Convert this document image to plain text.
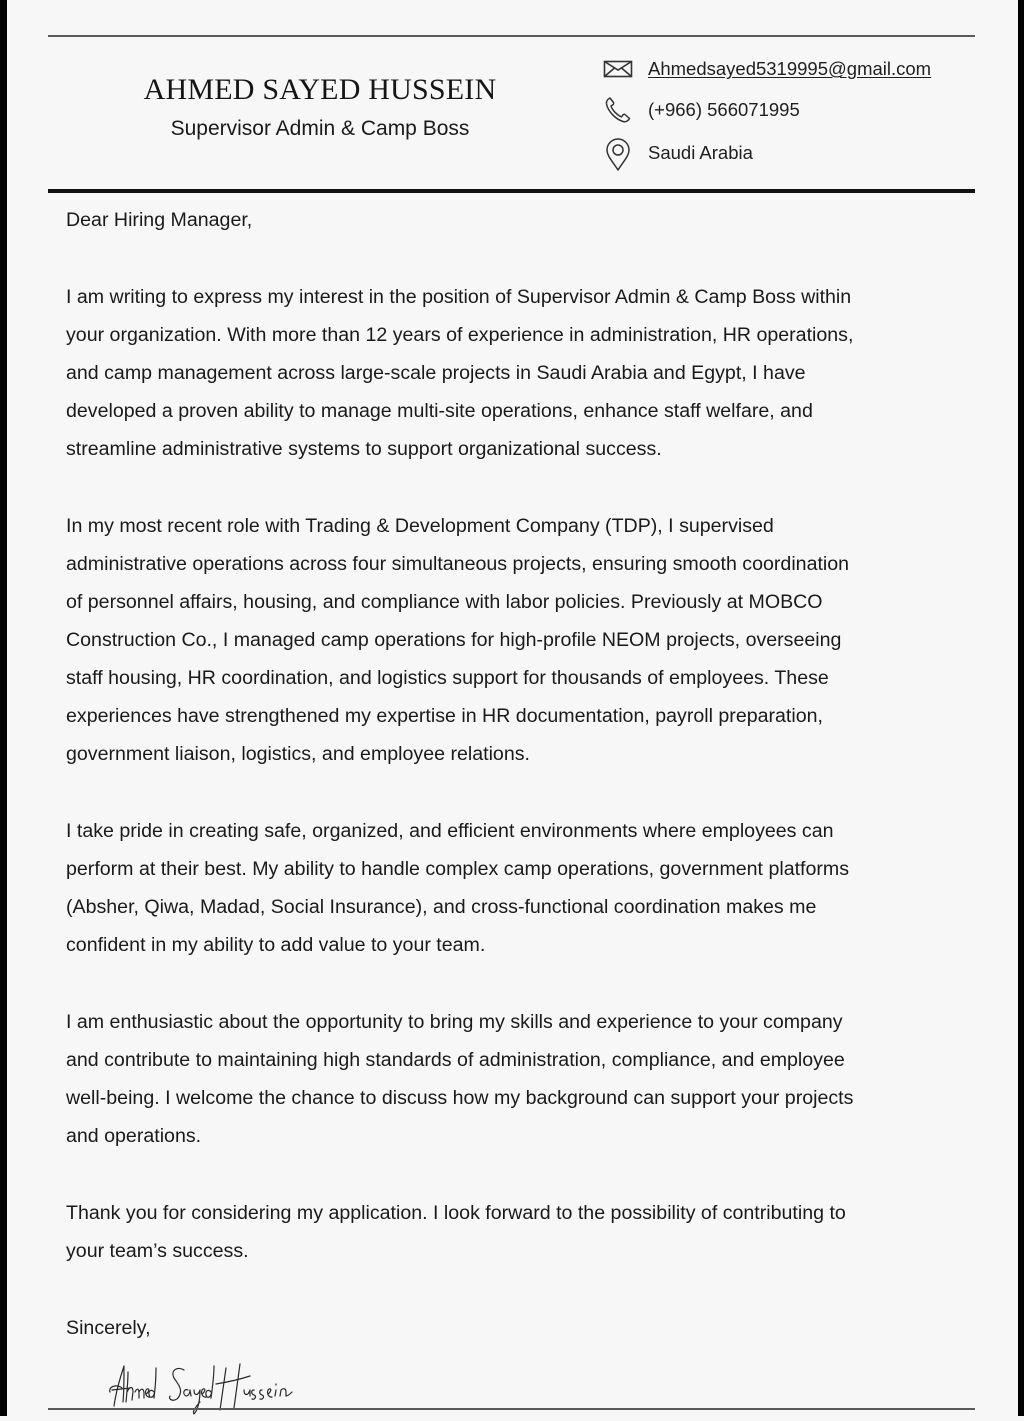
AHMED SAYED HUSSEIN
Supervisor Admin & Camp Boss
Ahmedsayed5319995@gmail.com
(+966) 566071995
Saudi Arabia
Dear Hiring Manager,
I am writing to express my interest in the position of Supervisor Admin & Camp Boss within
your organization. With more than 12 years of experience in administration, HR operations,
and camp management across large-scale projects in Saudi Arabia and Egypt, I have
developed a proven ability to manage multi-site operations, enhance staff welfare, and
streamline administrative systems to support organizational success.
In my most recent role with Trading & Development Company (TDP), I supervised
administrative operations across four simultaneous projects, ensuring smooth coordination
of personnel affairs, housing, and compliance with labor policies. Previously at MOBCO
Construction Co., I managed camp operations for high-profile NEOM projects, overseeing
staff housing, HR coordination, and logistics support for thousands of employees. These
experiences have strengthened my expertise in HR documentation, payroll preparation,
government liaison, logistics, and employee relations.
I take pride in creating safe, organized, and efficient environments where employees can
perform at their best. My ability to handle complex camp operations, government platforms
(Absher, Qiwa, Madad, Social Insurance), and cross-functional coordination makes me
confident in my ability to add value to your team.
I am enthusiastic about the opportunity to bring my skills and experience to your company
and contribute to maintaining high standards of administration, compliance, and employee
well-being. I welcome the chance to discuss how my background can support your projects
and operations.
Thank you for considering my application. I look forward to the possibility of contributing to
your team’s success.
Sincerely,
